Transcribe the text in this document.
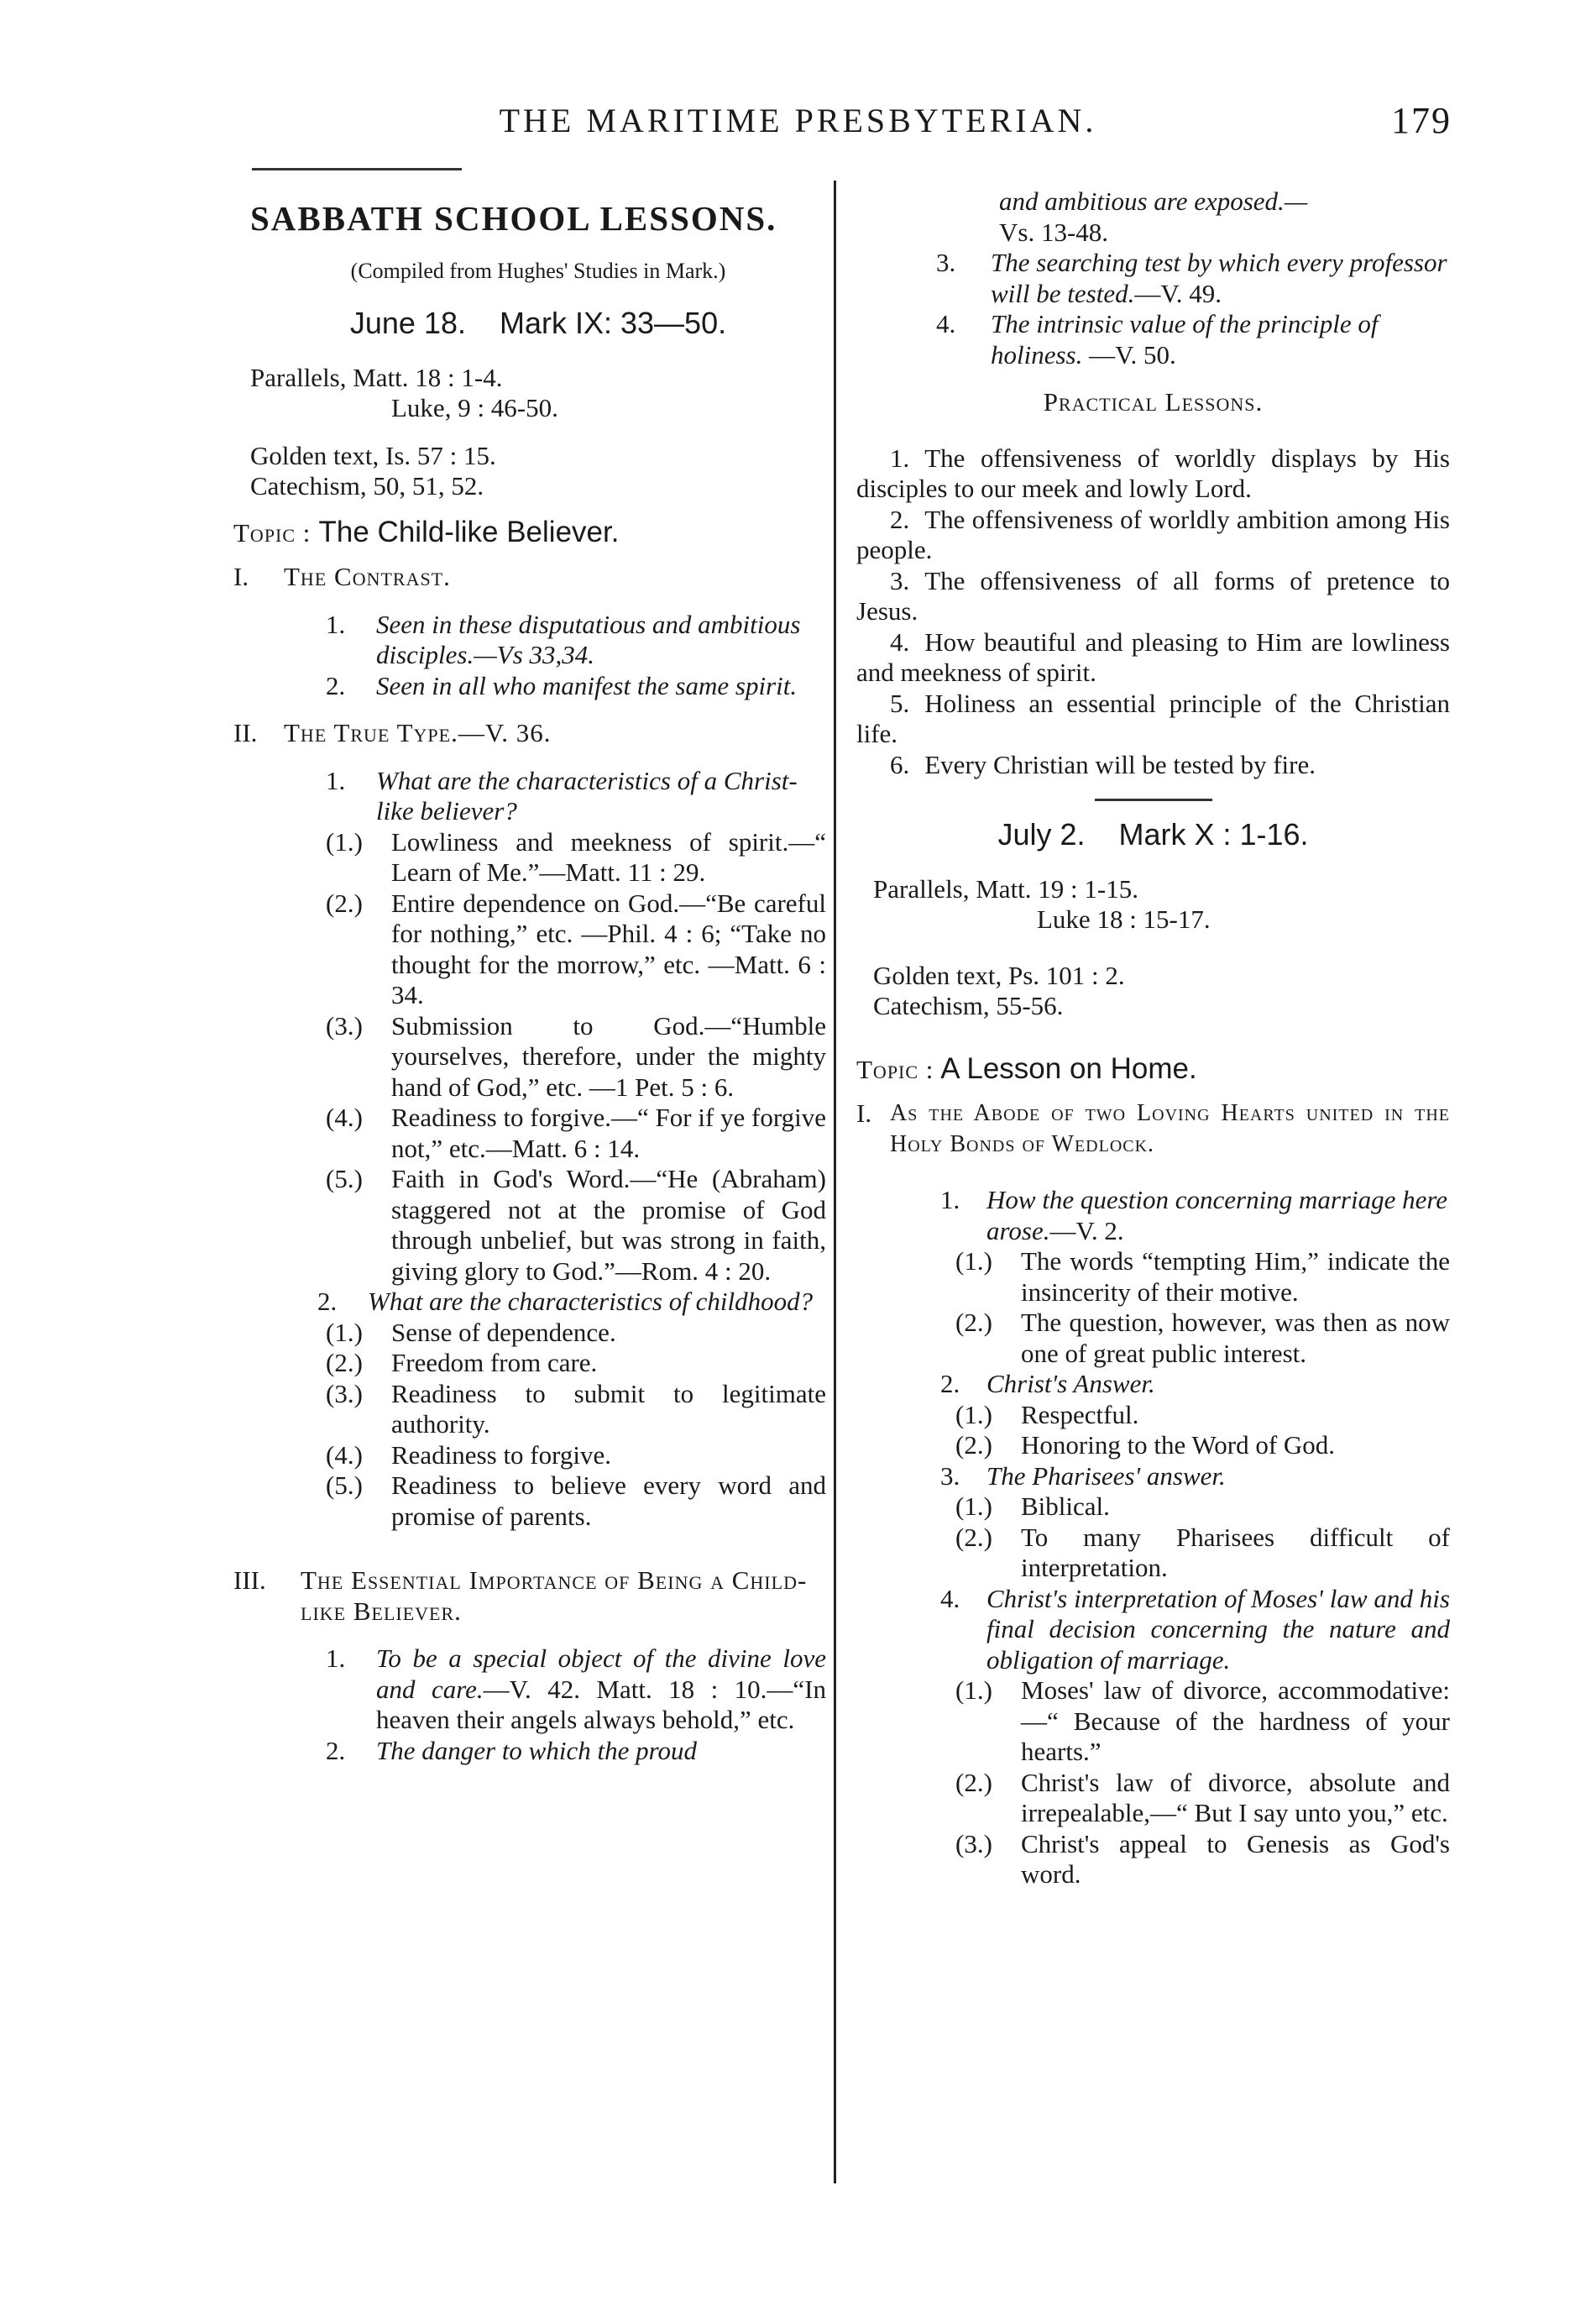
THE MARITIME PRESBYTERIAN.	179

SABBATH SCHOOL LESSONS.

(Compiled from Hughes' Studies in Mark.)

June 18.    Mark IX: 33—50.

Parallels, Matt. 18 : 1-4.

Luke, 9 : 46-50.

Golden text, Is. 57 : 15.

Catechism, 50, 51, 52.

Topic : The Child-like Believer.

I.	The Contrast.
1.	Seen in these disputatious and ambitious disciples.—Vs 33,34.
2.	Seen in all who manifest the same spirit.
II.	The True Type.—V. 36.
1.	What are the characteristics of a Christ-like believer?
(1.)	Lowliness and meekness of spirit.—“ Learn of Me.”—Matt. 11 : 29.
(2.)	Entire dependence on God.—“Be careful for nothing,” etc. —Phil. 4 : 6; “Take no thought for the morrow,” etc. —Matt. 6 : 34.
(3.)	Submission to God.—“Humble yourselves, therefore, under the mighty hand of God,” etc. —1 Pet. 5 : 6.
(4.)	Readiness to forgive.—“ For if ye forgive not,” etc.—Matt. 6 : 14.
(5.)	Faith in God's Word.—“He (Abraham) staggered not at the promise of God through unbelief, but was strong in faith, giving glory to God.”—Rom. 4 : 20.
2.	What are the characteristics of childhood?
(1.)	Sense of dependence.
(2.)	Freedom from care.
(3.)	Readiness to submit to legitimate authority.
(4.)	Readiness to forgive.
(5.)	Readiness to believe every word and promise of parents.
III.	The Essential Importance of Being a Child-like Believer.
1.	To be a special object of the divine love and care.—V. 42. Matt. 18 : 10.—“In heaven their angels always behold,” etc.
2.	The danger to which the proud

and ambitious are exposed.—

Vs. 13-48.

3.	The searching test by which every professor will be tested.—V. 49.
4.	The intrinsic value of the principle of holiness. —V. 50.

Practical Lessons.

1. The offensiveness of worldly displays by His disciples to our meek and lowly Lord.
2. The offensiveness of worldly ambition among His people.
3. The offensiveness of all forms of pretence to Jesus.
4. How beautiful and pleasing to Him are lowliness and meekness of spirit.
5. Holiness an essential principle of the Christian life.
6. Every Christian will be tested by fire.

July 2.    Mark X : 1-16.

Parallels, Matt. 19 : 1-15.

Luke 18 : 15-17.

Golden text, Ps. 101 : 2.

Catechism, 55-56.

Topic : A Lesson on Home.

I. As the Abode of two Loving Hearts united in the Holy Bonds of Wedlock.
1.	How the question concerning marriage here arose.—V. 2.
(1.)	The words “tempting Him,” indicate the insincerity of their motive.
(2.)	The question, however, was then as now one of great public interest.
2.	Christ's Answer.
(1.)	Respectful.
(2.)	Honoring to the Word of God.
3.	The Pharisees' answer.
(1.)	Biblical.
(2.)	To many Pharisees difficult of interpretation.
4.	Christ's interpretation of Moses' law and his final decision concerning the nature and obligation of marriage.
(1.)	Moses' law of divorce, accommodative:—“ Because of the hardness of your hearts.”
(2.)	Christ's law of divorce, absolute and irrepealable,—“ But I say unto you,” etc.
(3.)	Christ's appeal to Genesis as God's word.
